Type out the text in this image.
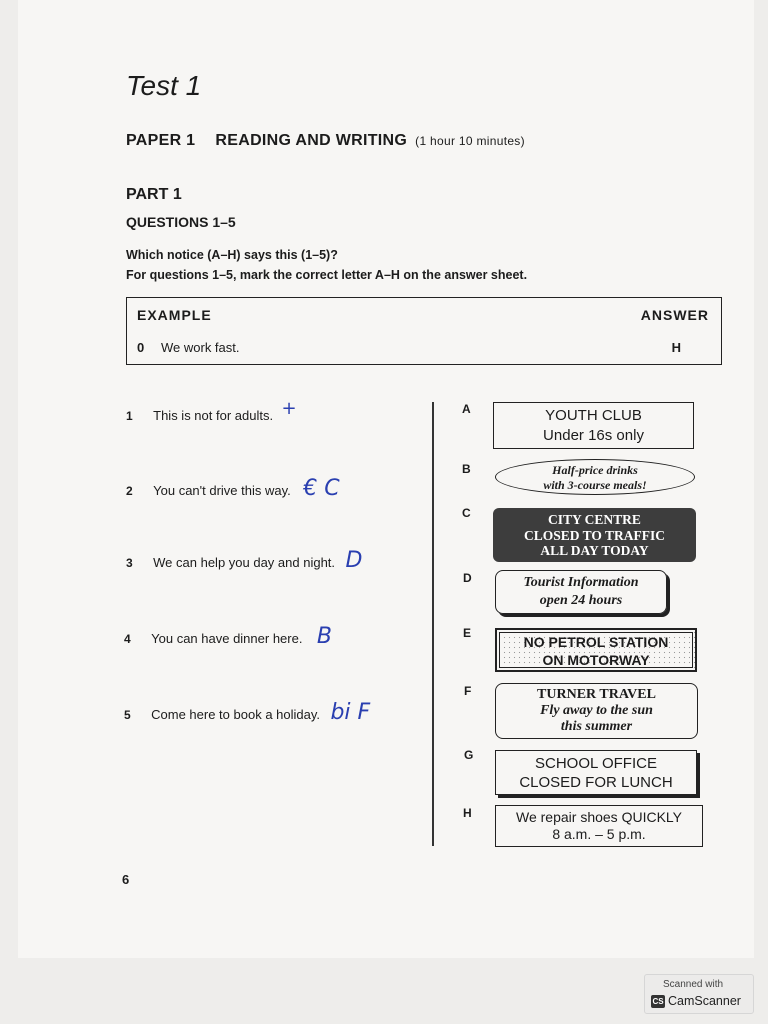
Test 1
PAPER 1 READING AND WRITING (1 hour 10 minutes)
PART 1
QUESTIONS 1–5
Which notice (A–H) says this (1–5)?
For questions 1–5, mark the correct letter A–H on the answer sheet.
EXAMPLE	ANSWER
0 We work fast.	H
1 This is not for adults. +
2 You can't drive this way. € C
3 We can help you day and night. D
4 You can have dinner here. B
5 Come here to book a holiday. bi F
A
B
C
D
E
F
G
H
YOUTH CLUB
Under 16s only
Half-price drinks
with 3-course meals!
CITY CENTRE
CLOSED TO TRAFFIC
ALL DAY TODAY
Tourist Information
open 24 hours
NO PETROL STATION
ON MOTORWAY
TURNER TRAVEL
Fly away to the sun
this summer
SCHOOL OFFICE
CLOSED FOR LUNCH
We repair shoes QUICKLY
8 a.m. – 5 p.m.
6
Scanned with
CS CamScanner
